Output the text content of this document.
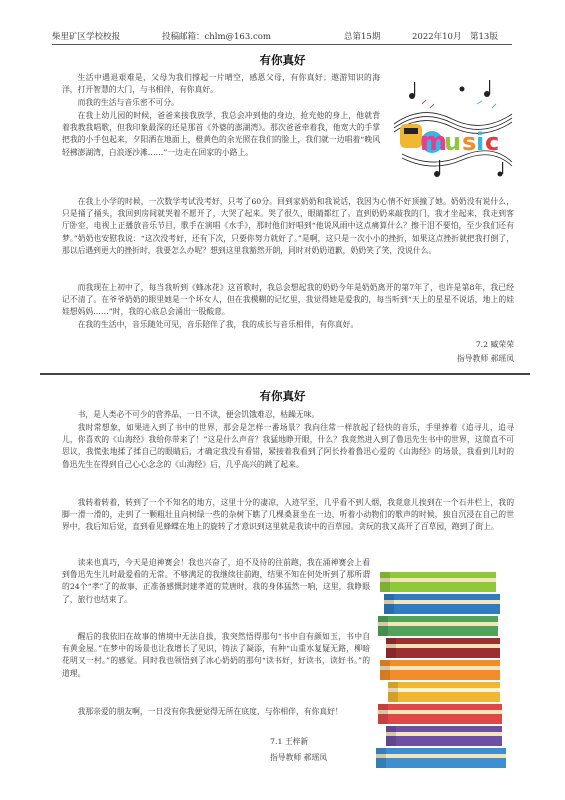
柴里矿区学校校报	投稿邮箱：chlm@163.com	总第15期	2022年10月 第13版
有你真好

生活中遇退艰难是，父母为我们撑起一片晴空，感恩父母，有你真好；遨游知识的海洋，打开智慧的大门，与书相伴，有你真好。

而我的生活与音乐密不可分。

在我上幼儿园的时候，爸爸来接我放学，我总会冲到他的身边，抢充他的身上，他就背着我教我唱歌，但我印象最深的还是那首《外婆的澎湖湾》。那次爸爸牵着我，他宽大的手掌把我的小手包起来，夕阳洒在地面上，橙黄色的余光照在我们的脸上，我们就一边唱着“晚风轻拂澎湖湾，白浪逐沙滩……”一边走在回家的小路上。

在我上小学的时候，一次数学考试没考好，只考了60分。回到家奶奶和我说话，我因为心情不好顶撞了她。奶奶没有说什么，只是捅了捅头，我回到房间就哭着不愿开了，大哭了起来。哭了很久，眼睛都红了。直到奶奶来敲我的门，我才坐起来，我走到客厅卧室，电视上正播放音乐节目，歌手在演唱《水手》，那时他们好唱到“他说风雨中这点痛算什么？擦干泪不要怕，至少我们还有梦。”奶奶也安慰我说：“这次没考好，还有下次，只要你努力就好了。”是啊，这只是一次小小的挫折，如果这点挫折就把我打倒了，那以后遇到更大的挫折时，我要怎么办呢？想到这里我豁然开朗，同时对奶奶道歉，奶奶笑了笑，没说什么。

而我现在上初中了，每当我听到《蜂冰花》这首歌时，我总会想起我的奶奶今年是奶奶离开的第7年了，也许是第8年，我已经记不清了。在爷爷奶奶的眼里她是一个坏女人，但在我模糊的记忆里，我觉得她是爱我的，每当听到“天上的星星不说话，地上的娃娃想妈妈……”时，我的心底总会涌出一股酸意。

在我的生活中，音乐随处可见，音乐陪伴了我，我的成长与音乐相伴，有你真好。

m
u s i c
7.2 臧荣荣
指导教师 郝瑶凤
有你真好

书，是人类必不可少的营养品，一日不读，便会饥饿难忍，枯躁无味。

我时常想象，如果进入到了书中的世界，那会是怎样一番场景？我向往常一样放起了轻快的音乐，手里捧着《追寻儿，追寻儿，你喜欢的《山海经》我给你带来了！”这是什么声音？我猛地睁开眼，什么？我竟然进入到了鲁迅先生书中的世界，这简直不可思议，我慌张地揉了揉自己的眼睛后，才确定我没有看错，紧接着我看到了阿长拎着鲁迅心爱的《山海经》的场景，我看到儿时的鲁迅先生在得到自己心心念念的《山海经》后，几乎高兴的跳了起来。

我转着转着，转到了一个不知名的地方，这里十分的凄凉，人迹罕至，几乎看不到人烟，我竟意儿挨到在一个石井栏上，我的脚一滑一滑的，走到了一颗粗壮且向树绿一些的杂树下瞧了几棵桑葚坐在一边，听着小动物们的歌声的时候，独自沉浸在自己的世界中，我后知后觉，直到看见蜂蝶在地上的旋转了才意识到这里就是我读中的百草园。贪玩的我又高开了百草园，跑到了街上。

读来也真巧，今天是迫神赛会！我也兴奋了，迫不及待的往前跑，我在涌神赛会上看到鲁迅先生儿时最爱看的无常。不够满足的我继续往前跑，结果不知在何处听到了那所谓的24个“孝”了的故事，正准备感慨封建孝道的荒唐时，我的身体猛然一响，这里，我睁眼了，旅行也结束了。

醒后的我依旧在故事的情境中无法自拔，我突然悟得那句“书中自有颜如玉，书中自有黄金屋。”在梦中的场景也让我增长了见识，铸法了凝添，有种“山重水复疑无路，柳暗花明又一村。”的感觉。同时我也领悟到了冰心奶奶的那句“读书好，好读书，读好书。”的道理。

我那亲爱的朋友啊，一日没有你我便觉得无所在底度，与你相伴，有你真好！

7.1 王梓新
指导教师 郝瑶凤
